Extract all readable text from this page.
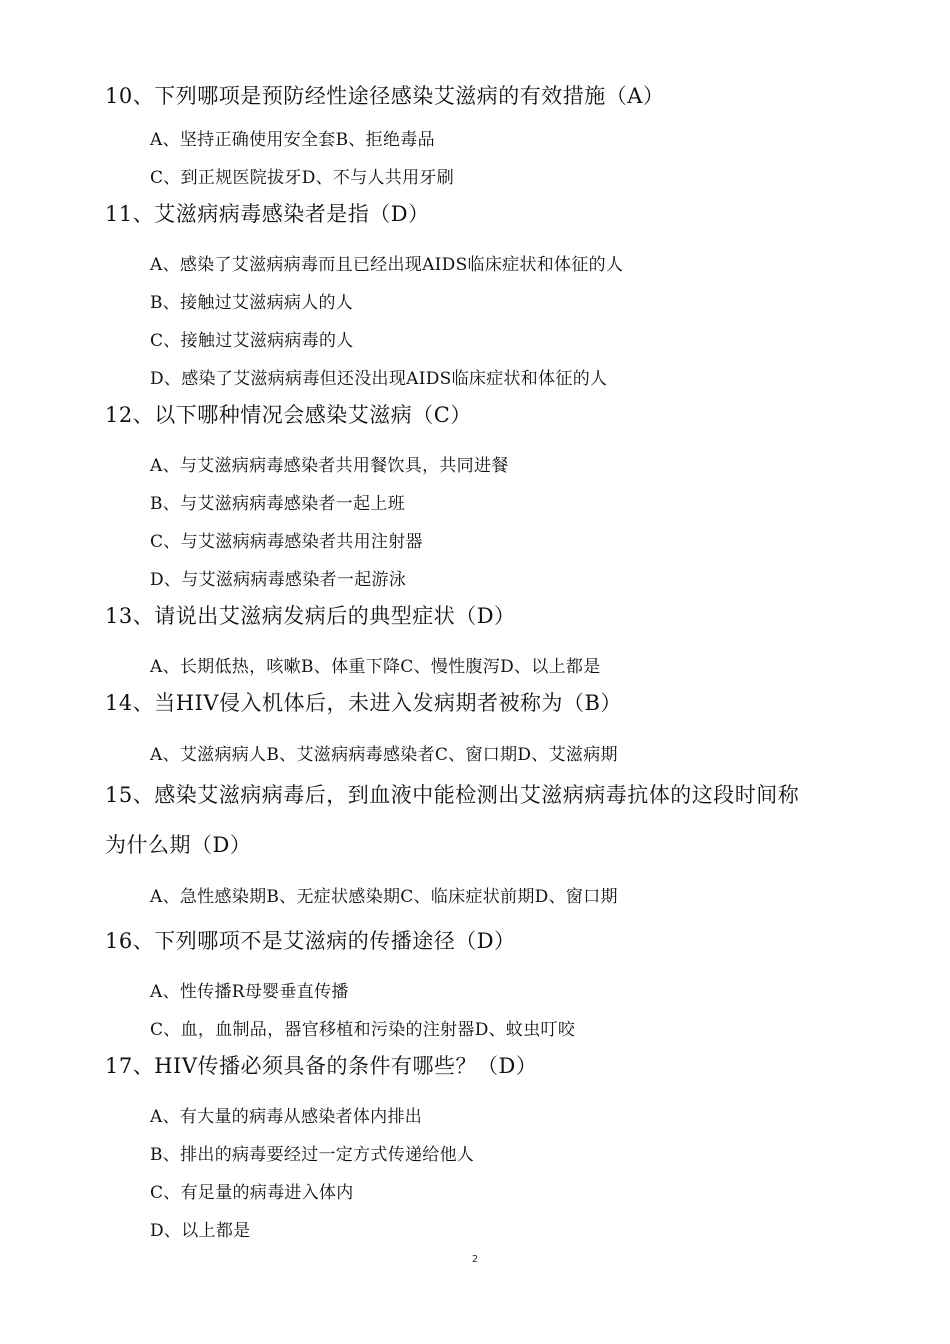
10、下列哪项是预防经性途径感染艾滋病的有效措施（A）
A、坚持正确使用安全套B、拒绝毒品
C、到正规医院拔牙D、不与人共用牙刷
11、艾滋病病毒感染者是指（D）
A、感染了艾滋病病毒而且已经出现AIDS临床症状和体征的人
B、接触过艾滋病病人的人
C、接触过艾滋病病毒的人
D、感染了艾滋病病毒但还没出现AIDS临床症状和体征的人
12、以下哪种情况会感染艾滋病（C）
A、与艾滋病病毒感染者共用餐饮具，共同进餐
B、与艾滋病病毒感染者一起上班
C、与艾滋病病毒感染者共用注射器
D、与艾滋病病毒感染者一起游泳
13、请说出艾滋病发病后的典型症状（D）
A、长期低热，咳嗽B、体重下降C、慢性腹泻D、以上都是
14、当HIV侵入机体后，未进入发病期者被称为（B）
A、艾滋病病人B、艾滋病病毒感染者C、窗口期D、艾滋病期
15、感染艾滋病病毒后，到血液中能检测出艾滋病病毒抗体的这段时间称
为什么期（D）
A、急性感染期B、无症状感染期C、临床症状前期D、窗口期
16、下列哪项不是艾滋病的传播途径（D）
A、性传播R母婴垂直传播
C、血，血制品，器官移植和污染的注射器D、蚊虫叮咬
17、HIV传播必须具备的条件有哪些？（D）
A、有大量的病毒从感染者体内排出
B、排出的病毒要经过一定方式传递给他人
C、有足量的病毒进入体内
D、以上都是
2
